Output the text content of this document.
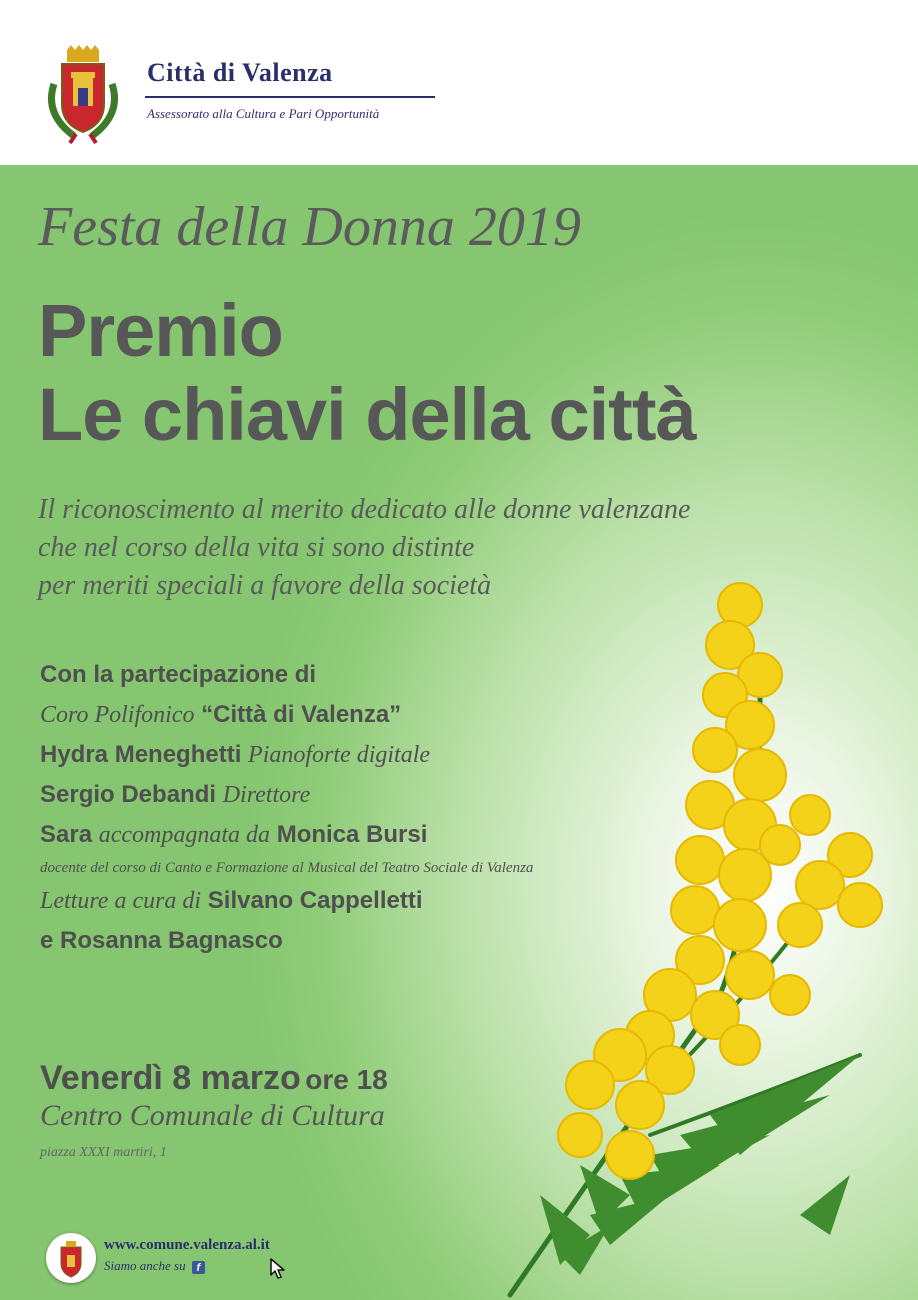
Città di Valenza
Assessorato alla Cultura e Pari Opportunità
Festa della Donna 2019
Premio
Le chiavi della città
Il riconoscimento al merito dedicato alle donne valenzane
che nel corso della vita si sono distinte
per meriti speciali a favore della società
Con la partecipazione di
Coro Polifonico “Città di Valenza”
Hydra Meneghetti Pianoforte digitale
Sergio Debandi Direttore
Sara accompagnata da Monica Bursi
docente del corso di Canto e Formazione al Musical del Teatro Sociale di Valenza
Letture a cura di Silvano Cappelletti
e Rosanna Bagnasco
Venerdì 8 marzo ore 18
Centro Comunale di Cultura
piazza XXXI martiri, 1
www.comune.valenza.al.it
Siamo anche su f
